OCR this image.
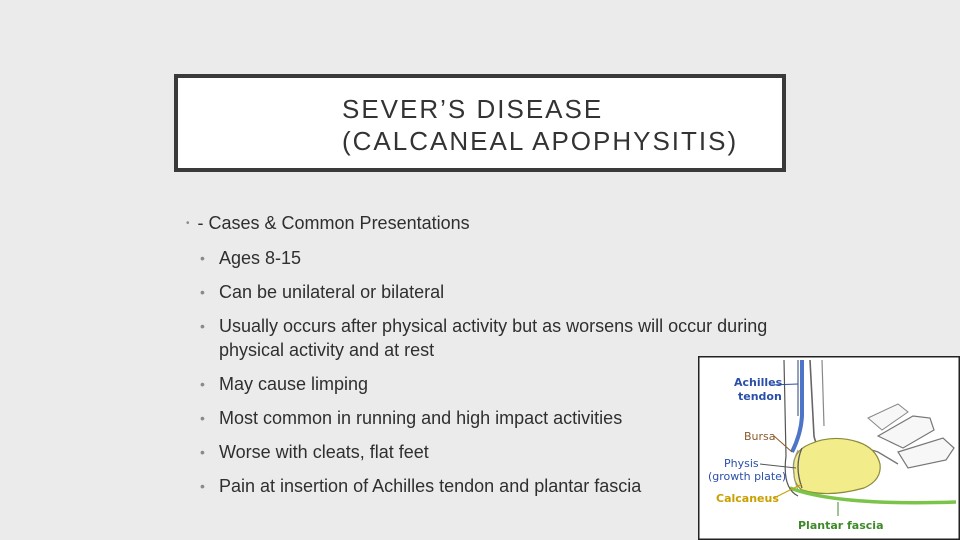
SEVER’S DISEASE
(CALCANEAL APOPHYSITIS)
• - Cases & Common Presentations
• Ages 8-15
• Can be unilateral or bilateral
• Usually occurs after physical activity but as worsens will occur during physical activity and at rest
• May cause limping
• Most common in running and high impact activities
• Worse with cleats, flat feet
• Pain at insertion of Achilles tendon and plantar fascia
Achilles
tendon
Bursa
Physis
(growth plate)
Calcaneus
Plantar fascia
